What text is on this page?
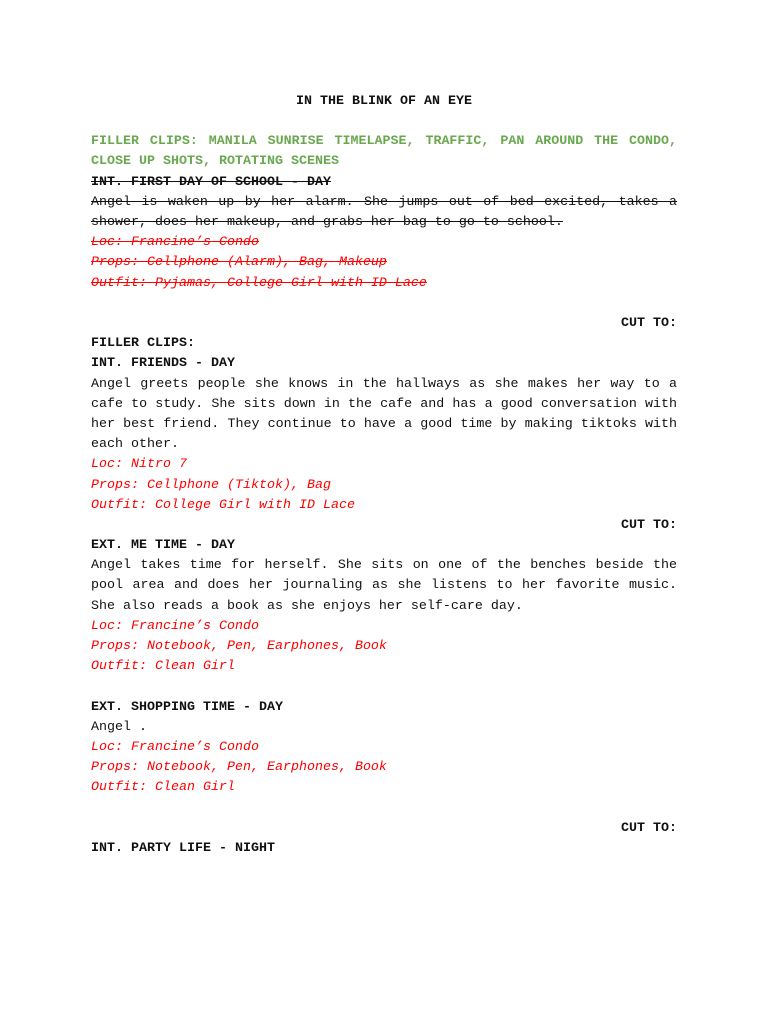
IN THE BLINK OF AN EYE
FILLER CLIPS: MANILA SUNRISE TIMELAPSE, TRAFFIC, PAN AROUND THE CONDO, CLOSE UP SHOTS, ROTATING SCENES
INT. FIRST DAY OF SCHOOL - DAY
Angel is waken up by her alarm. She jumps out of bed excited, takes a shower, does her makeup, and grabs her bag to go to school.
Loc: Francine’s Condo
Props: Cellphone (Alarm), Bag, Makeup
Outfit: Pyjamas, College Girl with ID Lace
CUT TO:
FILLER CLIPS:
INT. FRIENDS - DAY
Angel greets people she knows in the hallways as she makes her way to a cafe to study. She sits down in the cafe and has a good conversation with her best friend. They continue to have a good time by making tiktoks with each other.
Loc: Nitro 7
Props: Cellphone (Tiktok), Bag
Outfit: College Girl with ID Lace
CUT TO:
EXT. ME TIME - DAY
Angel takes time for herself. She sits on one of the benches beside the pool area and does her journaling as she listens to her favorite music. She also reads a book as she enjoys her self-care day.
Loc: Francine’s Condo
Props: Notebook, Pen, Earphones, Book
Outfit: Clean Girl
EXT. SHOPPING TIME - DAY
Angel .
Loc: Francine’s Condo
Props: Notebook, Pen, Earphones, Book
Outfit: Clean Girl
CUT TO:
INT. PARTY LIFE - NIGHT
